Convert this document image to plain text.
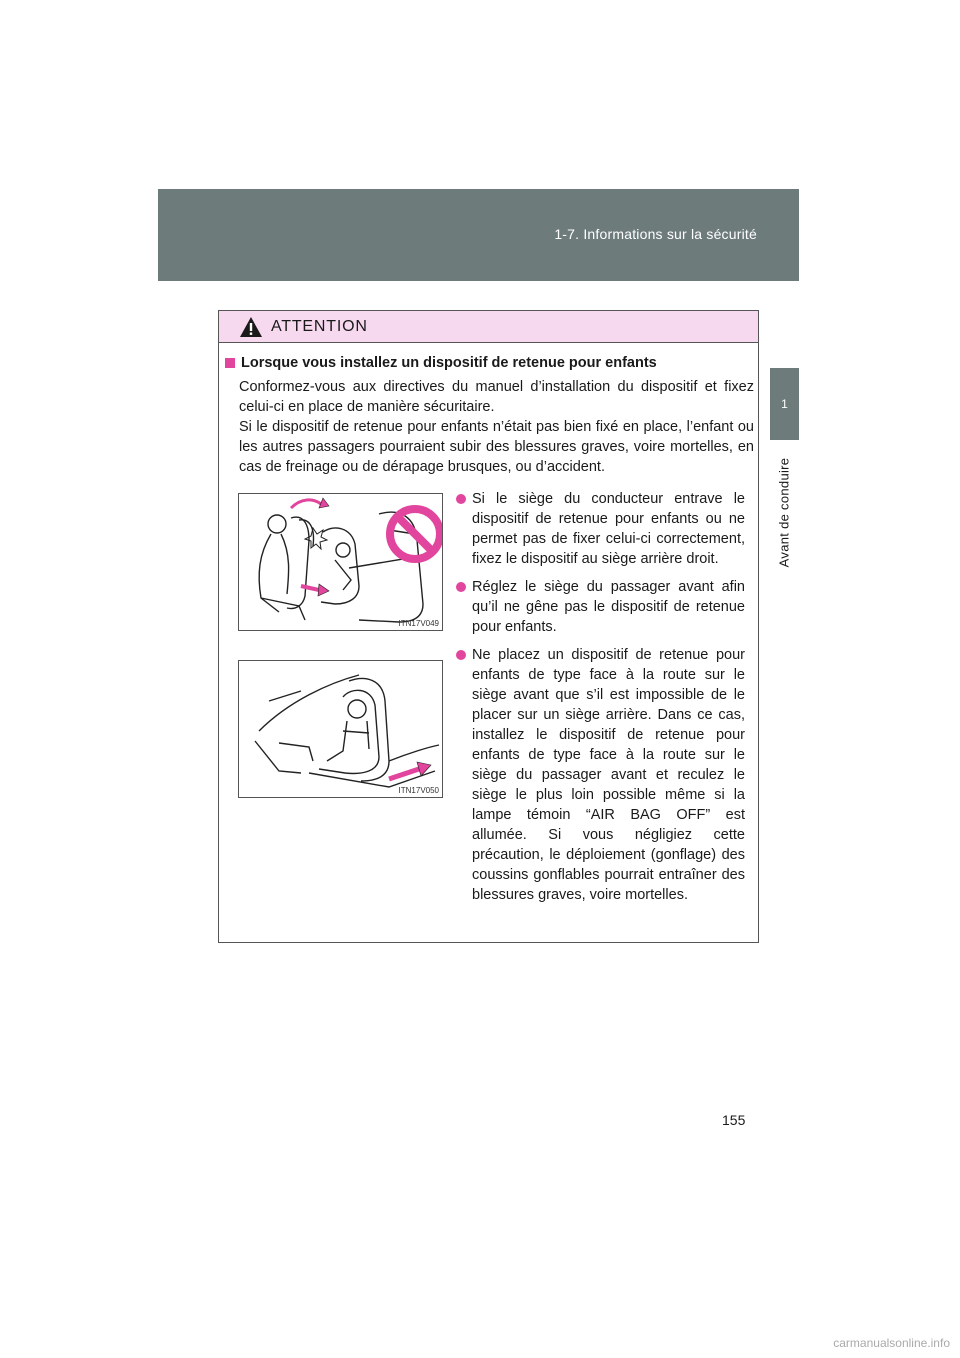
1-7. Informations sur la sécurité
1
Avant de conduire
ATTENTION
Lorsque vous installez un dispositif de retenue pour enfants

Conformez-vous aux directives du manuel d’installation du dispositif et fixez celui-ci en place de manière sécuritaire.

Si le dispositif de retenue pour enfants n’était pas bien fixé en place, l’enfant ou les autres passagers pourraient subir des blessures graves, voire mortelles, en cas de freinage ou de dérapage brusques, ou d’accident.

ITN17V049
ITN17V050
Si le siège du conducteur entrave le dispositif de retenue pour enfants ou ne permet pas de fixer celui-ci correctement, fixez le dispositif au siège arrière droit.
Réglez le siège du passager avant afin qu’il ne gêne pas le dispositif de retenue pour enfants.
Ne placez un dispositif de retenue pour enfants de type face à la route sur le siège avant que s’il est impossible de le placer sur un siège arrière. Dans ce cas, installez le dispositif de retenue pour enfants de type face à la route sur le siège du passager avant et reculez le siège le plus loin possible même si la lampe témoin “AIR BAG OFF” est allumée. Si vous négligiez cette précaution, le déploiement (gonflage) des coussins gonflables pourrait entraîner des blessures graves, voire mortelles.
155
carmanualsonline.info
